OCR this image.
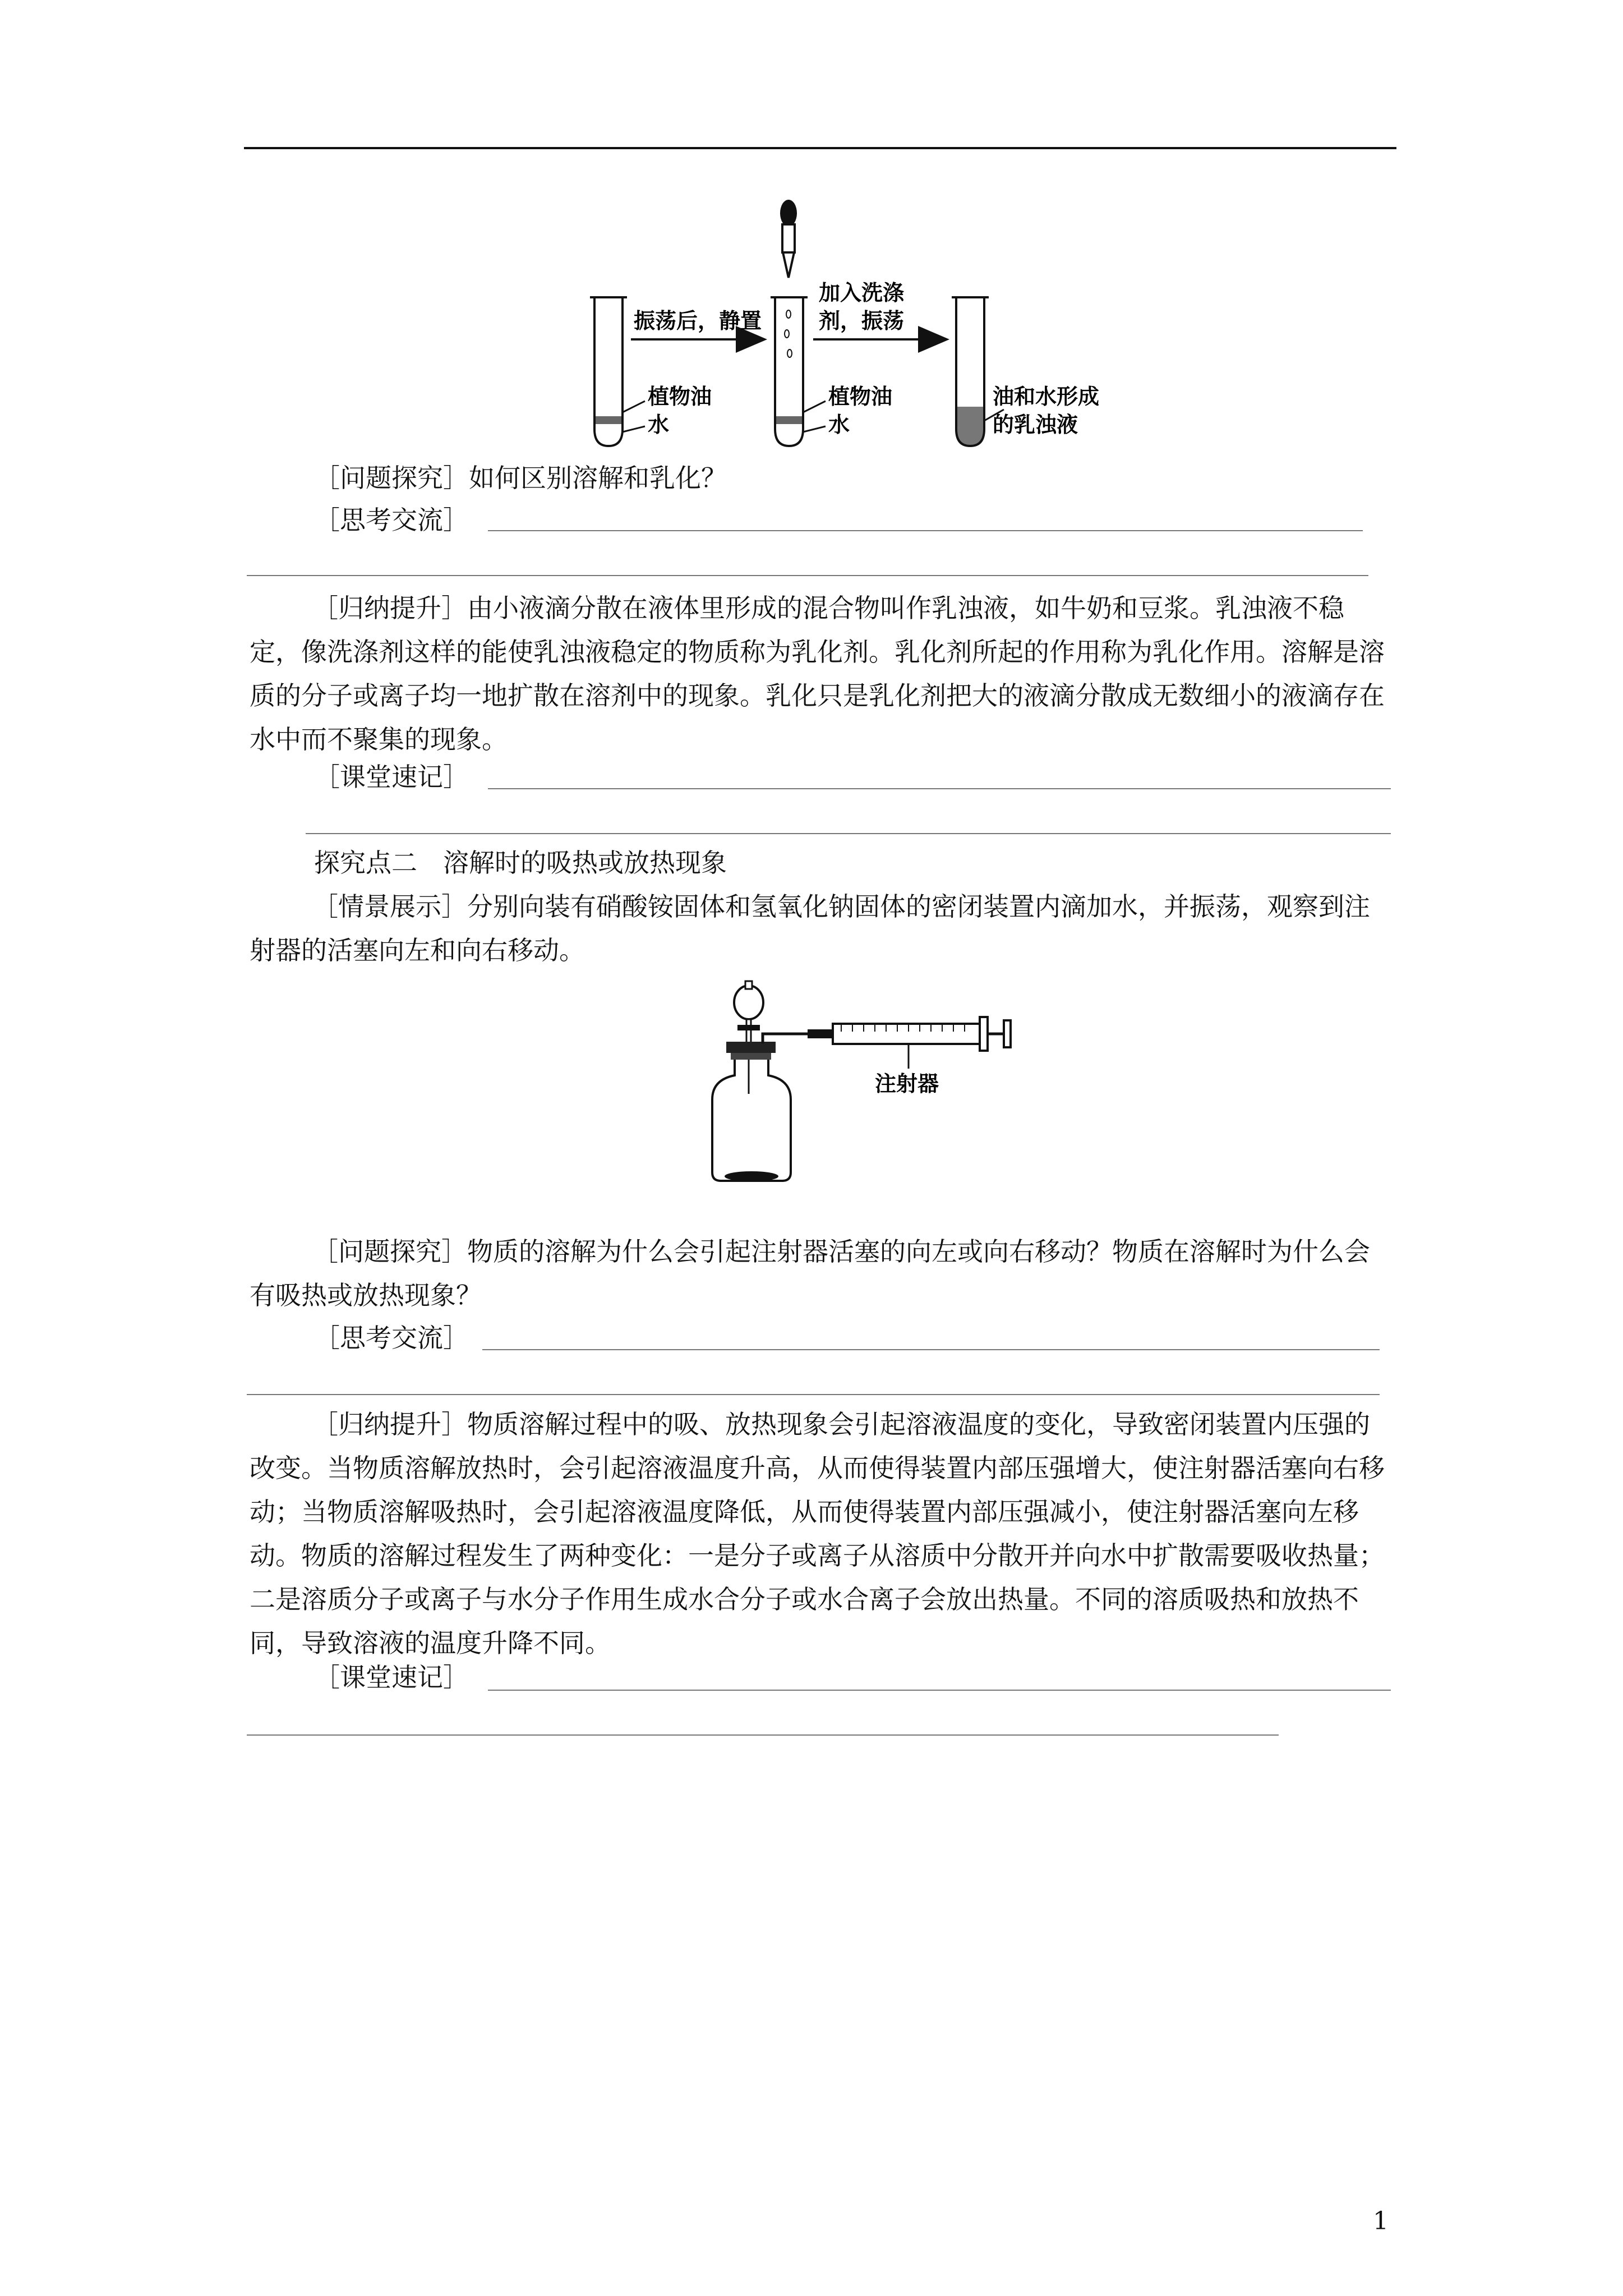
植物油
水
振荡后，静置
植物油
水
加入洗涤
剂，振荡
油和水形成
的乳浊液
［问题探究］如何区别溶解和乳化？
［思考交流］

［归纳提升］由小液滴分散在液体里形成的混合物叫作乳浊液，如牛奶和豆浆。乳浊液不稳定，像洗涤剂这样的能使乳浊液稳定的物质称为乳化剂。乳化剂所起的作用称为乳化作用。溶解是溶质的分子或离子均一地扩散在溶剂中的现象。乳化只是乳化剂把大的液滴分散成无数细小的液滴存在水中而不聚集的现象。

［课堂速记］
探究点二　溶解时的吸热或放热现象

［情景展示］分别向装有硝酸铵固体和氢氧化钠固体的密闭装置内滴加水，并振荡，观察到注射器的活塞向左和向右移动。

注射器

［问题探究］物质的溶解为什么会引起注射器活塞的向左或向右移动？物质在溶解时为什么会有吸热或放热现象？

［思考交流］

［归纳提升］物质溶解过程中的吸、放热现象会引起溶液温度的变化，导致密闭装置内压强的改变。当物质溶解放热时，会引起溶液温度升高，从而使得装置内部压强增大，使注射器活塞向右移动；当物质溶解吸热时，会引起溶液温度降低，从而使得装置内部压强减小，使注射器活塞向左移动。物质的溶解过程发生了两种变化：一是分子或离子从溶质中分散开并向水中扩散需要吸收热量；二是溶质分子或离子与水分子作用生成水合分子或水合离子会放出热量。不同的溶质吸热和放热不同，导致溶液的温度升降不同。

［课堂速记］
1
